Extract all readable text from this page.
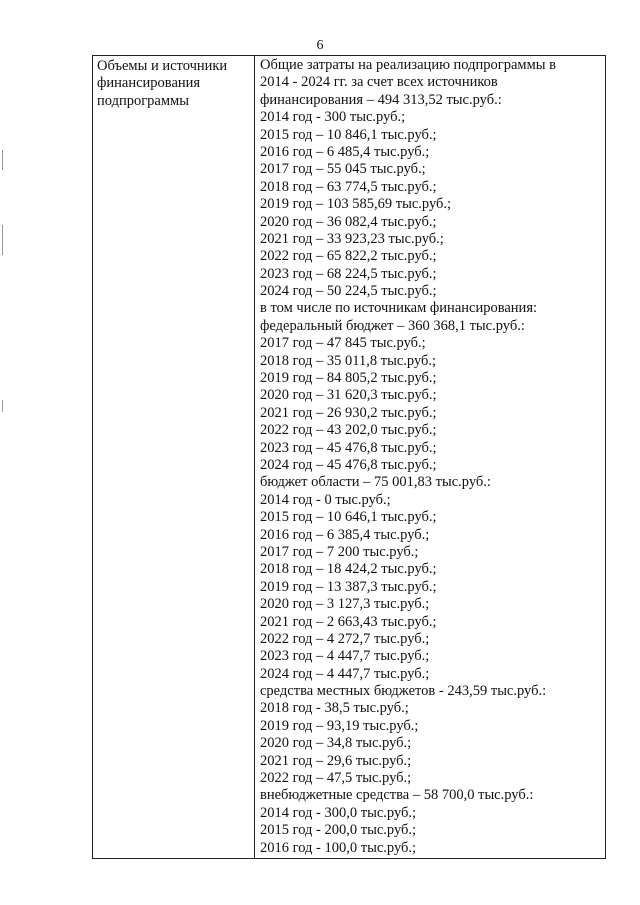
6
Объемы и источники
финансирования
подпрограммы
Общие затраты на реализацию подпрограммы в
2014 - 2024 гг. за счет всех источников
финансирования – 494 313,52 тыс.руб.:
2014 год - 300 тыс.руб.;
2015 год – 10 846,1 тыс.руб.;
2016 год – 6 485,4 тыс.руб.;
2017 год – 55 045 тыс.руб.;
2018 год – 63 774,5 тыс.руб.;
2019 год – 103 585,69 тыс.руб.;
2020 год – 36 082,4 тыс.руб.;
2021 год – 33 923,23 тыс.руб.;
2022 год – 65 822,2 тыс.руб.;
2023 год – 68 224,5 тыс.руб.;
2024 год – 50 224,5 тыс.руб.;
в том числе по источникам финансирования:
федеральный бюджет – 360 368,1 тыс.руб.:
2017 год – 47 845 тыс.руб.;
2018 год – 35 011,8 тыс.руб.;
2019 год – 84 805,2 тыс.руб.;
2020 год – 31 620,3 тыс.руб.;
2021 год – 26 930,2 тыс.руб.;
2022 год – 43 202,0 тыс.руб.;
2023 год – 45 476,8 тыс.руб.;
2024 год – 45 476,8 тыс.руб.;
бюджет области – 75 001,83 тыс.руб.:
2014 год - 0 тыс.руб.;
2015 год – 10 646,1 тыс.руб.;
2016 год – 6 385,4 тыс.руб.;
2017 год – 7 200 тыс.руб.;
2018 год – 18 424,2 тыс.руб.;
2019 год – 13 387,3 тыс.руб.;
2020 год – 3 127,3 тыс.руб.;
2021 год – 2 663,43 тыс.руб.;
2022 год – 4 272,7 тыс.руб.;
2023 год – 4 447,7 тыс.руб.;
2024 год – 4 447,7 тыс.руб.;
средства местных бюджетов - 243,59 тыс.руб.:
2018 год - 38,5 тыс.руб.;
2019 год – 93,19 тыс.руб.;
2020 год – 34,8 тыс.руб.;
2021 год – 29,6 тыс.руб.;
2022 год – 47,5 тыс.руб.;
внебюджетные средства – 58 700,0 тыс.руб.:
2014 год - 300,0 тыс.руб.;
2015 год - 200,0 тыс.руб.;
2016 год - 100,0 тыс.руб.;
